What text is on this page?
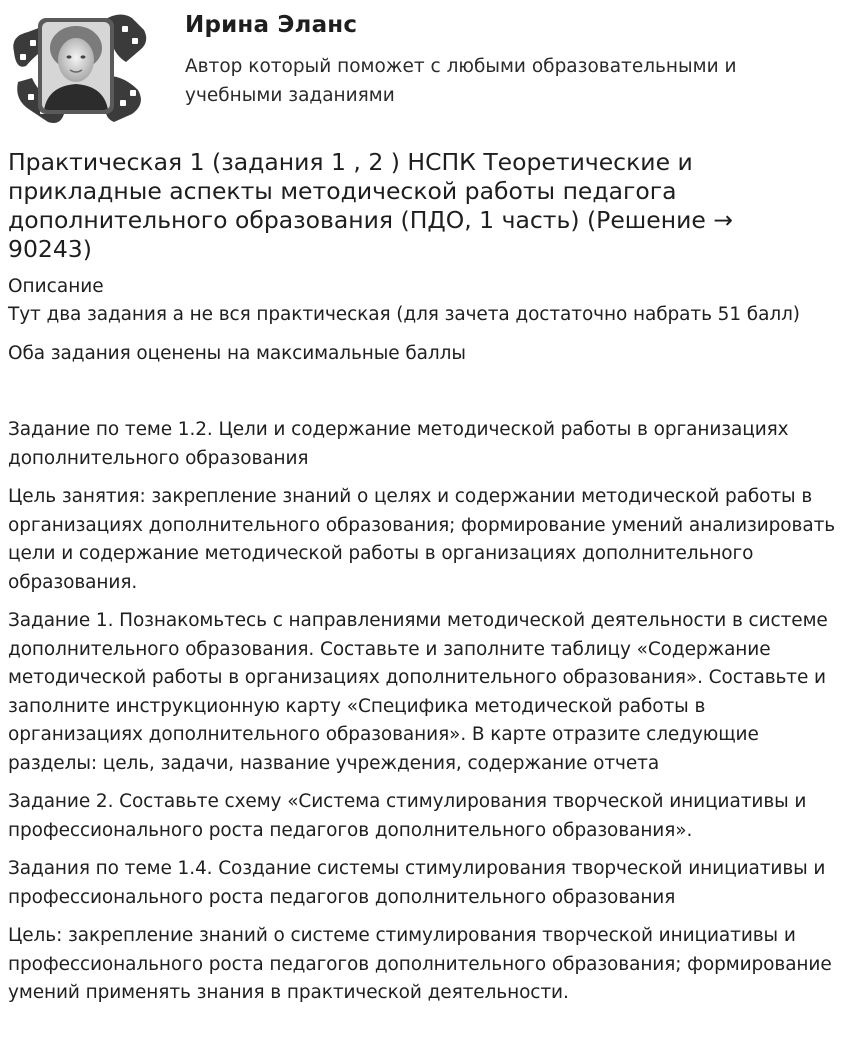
Ирина Эланс
Автор который поможет с любыми образовательными и учебными заданиями
Практическая 1 (задания 1 , 2 ) НСПК Теоретические и прикладные аспекты методической работы педагога дополнительного образования (ПДО, 1 часть) (Решение → 90243)

Описание

Тут два задания а не вся практическая (для зачета достаточно набрать 51 балл)

Оба задания оценены на максимальные баллы

Задание по теме 1.2. Цели и содержание методической работы в организациях дополнительного образования

Цель занятия: закрепление знаний о целях и содержании методической работы в организациях дополнительного образования; формирование умений анализировать цели и содержание методической работы в организациях дополнительного образования.

Задание 1. Познакомьтесь с направлениями методической деятельности в системе дополнительного образования. Составьте и заполните таблицу «Содержание методической работы в организациях дополнительного образования». Составьте и заполните инструкционную карту «Специфика методической работы в организациях дополнительного образования». В карте отразите следующие разделы: цель, задачи, название учреждения, содержание отчета

Задание 2. Составьте схему «Система стимулирования творческой инициативы и профессионального роста педагогов дополнительного образования».

Задания по теме 1.4. Создание системы стимулирования творческой инициативы и профессионального роста педагогов дополнительного образования

Цель: закрепление знаний о системе стимулирования творческой инициативы и профессионального роста педагогов дополнительного образования; формирование умений применять знания в практической деятельности.
